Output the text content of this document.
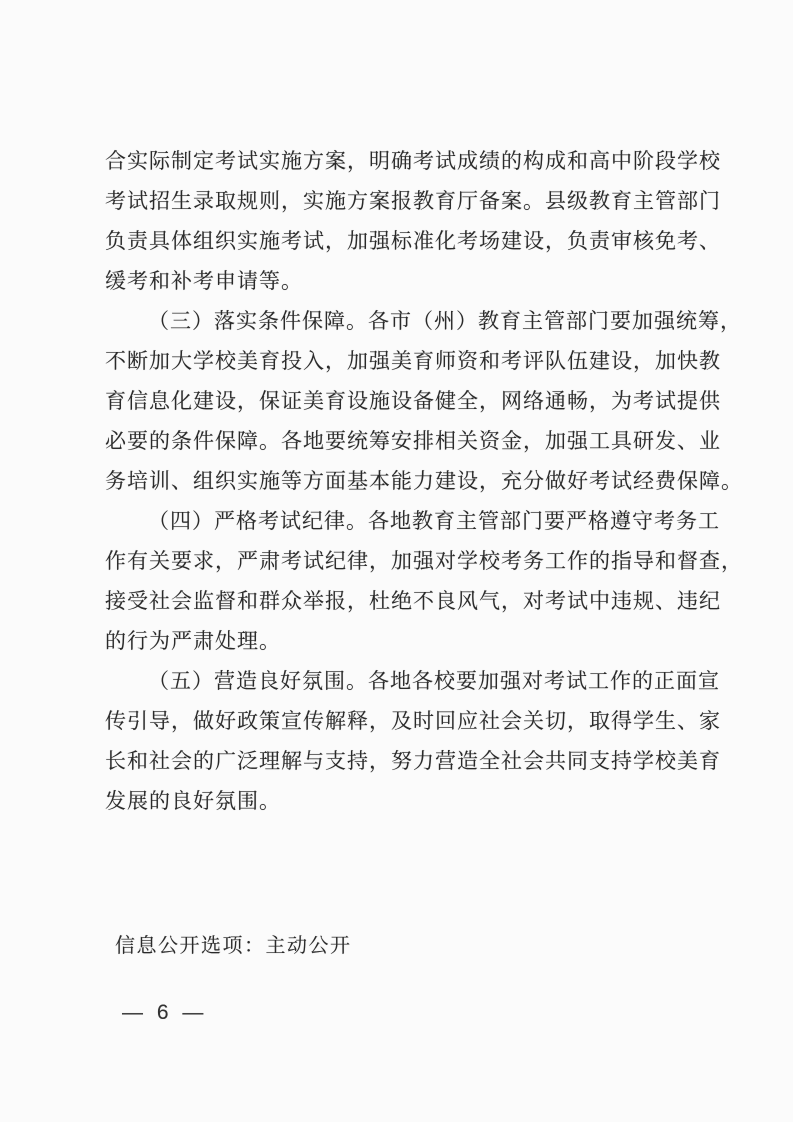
合实际制定考试实施方案，明确考试成绩的构成和高中阶段学校
考试招生录取规则，实施方案报教育厅备案。县级教育主管部门
负责具体组织实施考试，加强标准化考场建设，负责审核免考、
缓考和补考申请等。
（三）落实条件保障。各市（州）教育主管部门要加强统筹，
不断加大学校美育投入，加强美育师资和考评队伍建设，加快教
育信息化建设，保证美育设施设备健全，网络通畅，为考试提供
必要的条件保障。各地要统筹安排相关资金，加强工具研发、业
务培训、组织实施等方面基本能力建设，充分做好考试经费保障。
（四）严格考试纪律。各地教育主管部门要严格遵守考务工
作有关要求，严肃考试纪律，加强对学校考务工作的指导和督查，
接受社会监督和群众举报，杜绝不良风气，对考试中违规、违纪
的行为严肃处理。
（五）营造良好氛围。各地各校要加强对考试工作的正面宣
传引导，做好政策宣传解释，及时回应社会关切，取得学生、家
长和社会的广泛理解与支持，努力营造全社会共同支持学校美育
发展的良好氛围。
信息公开选项：主动公开
— 6 —
